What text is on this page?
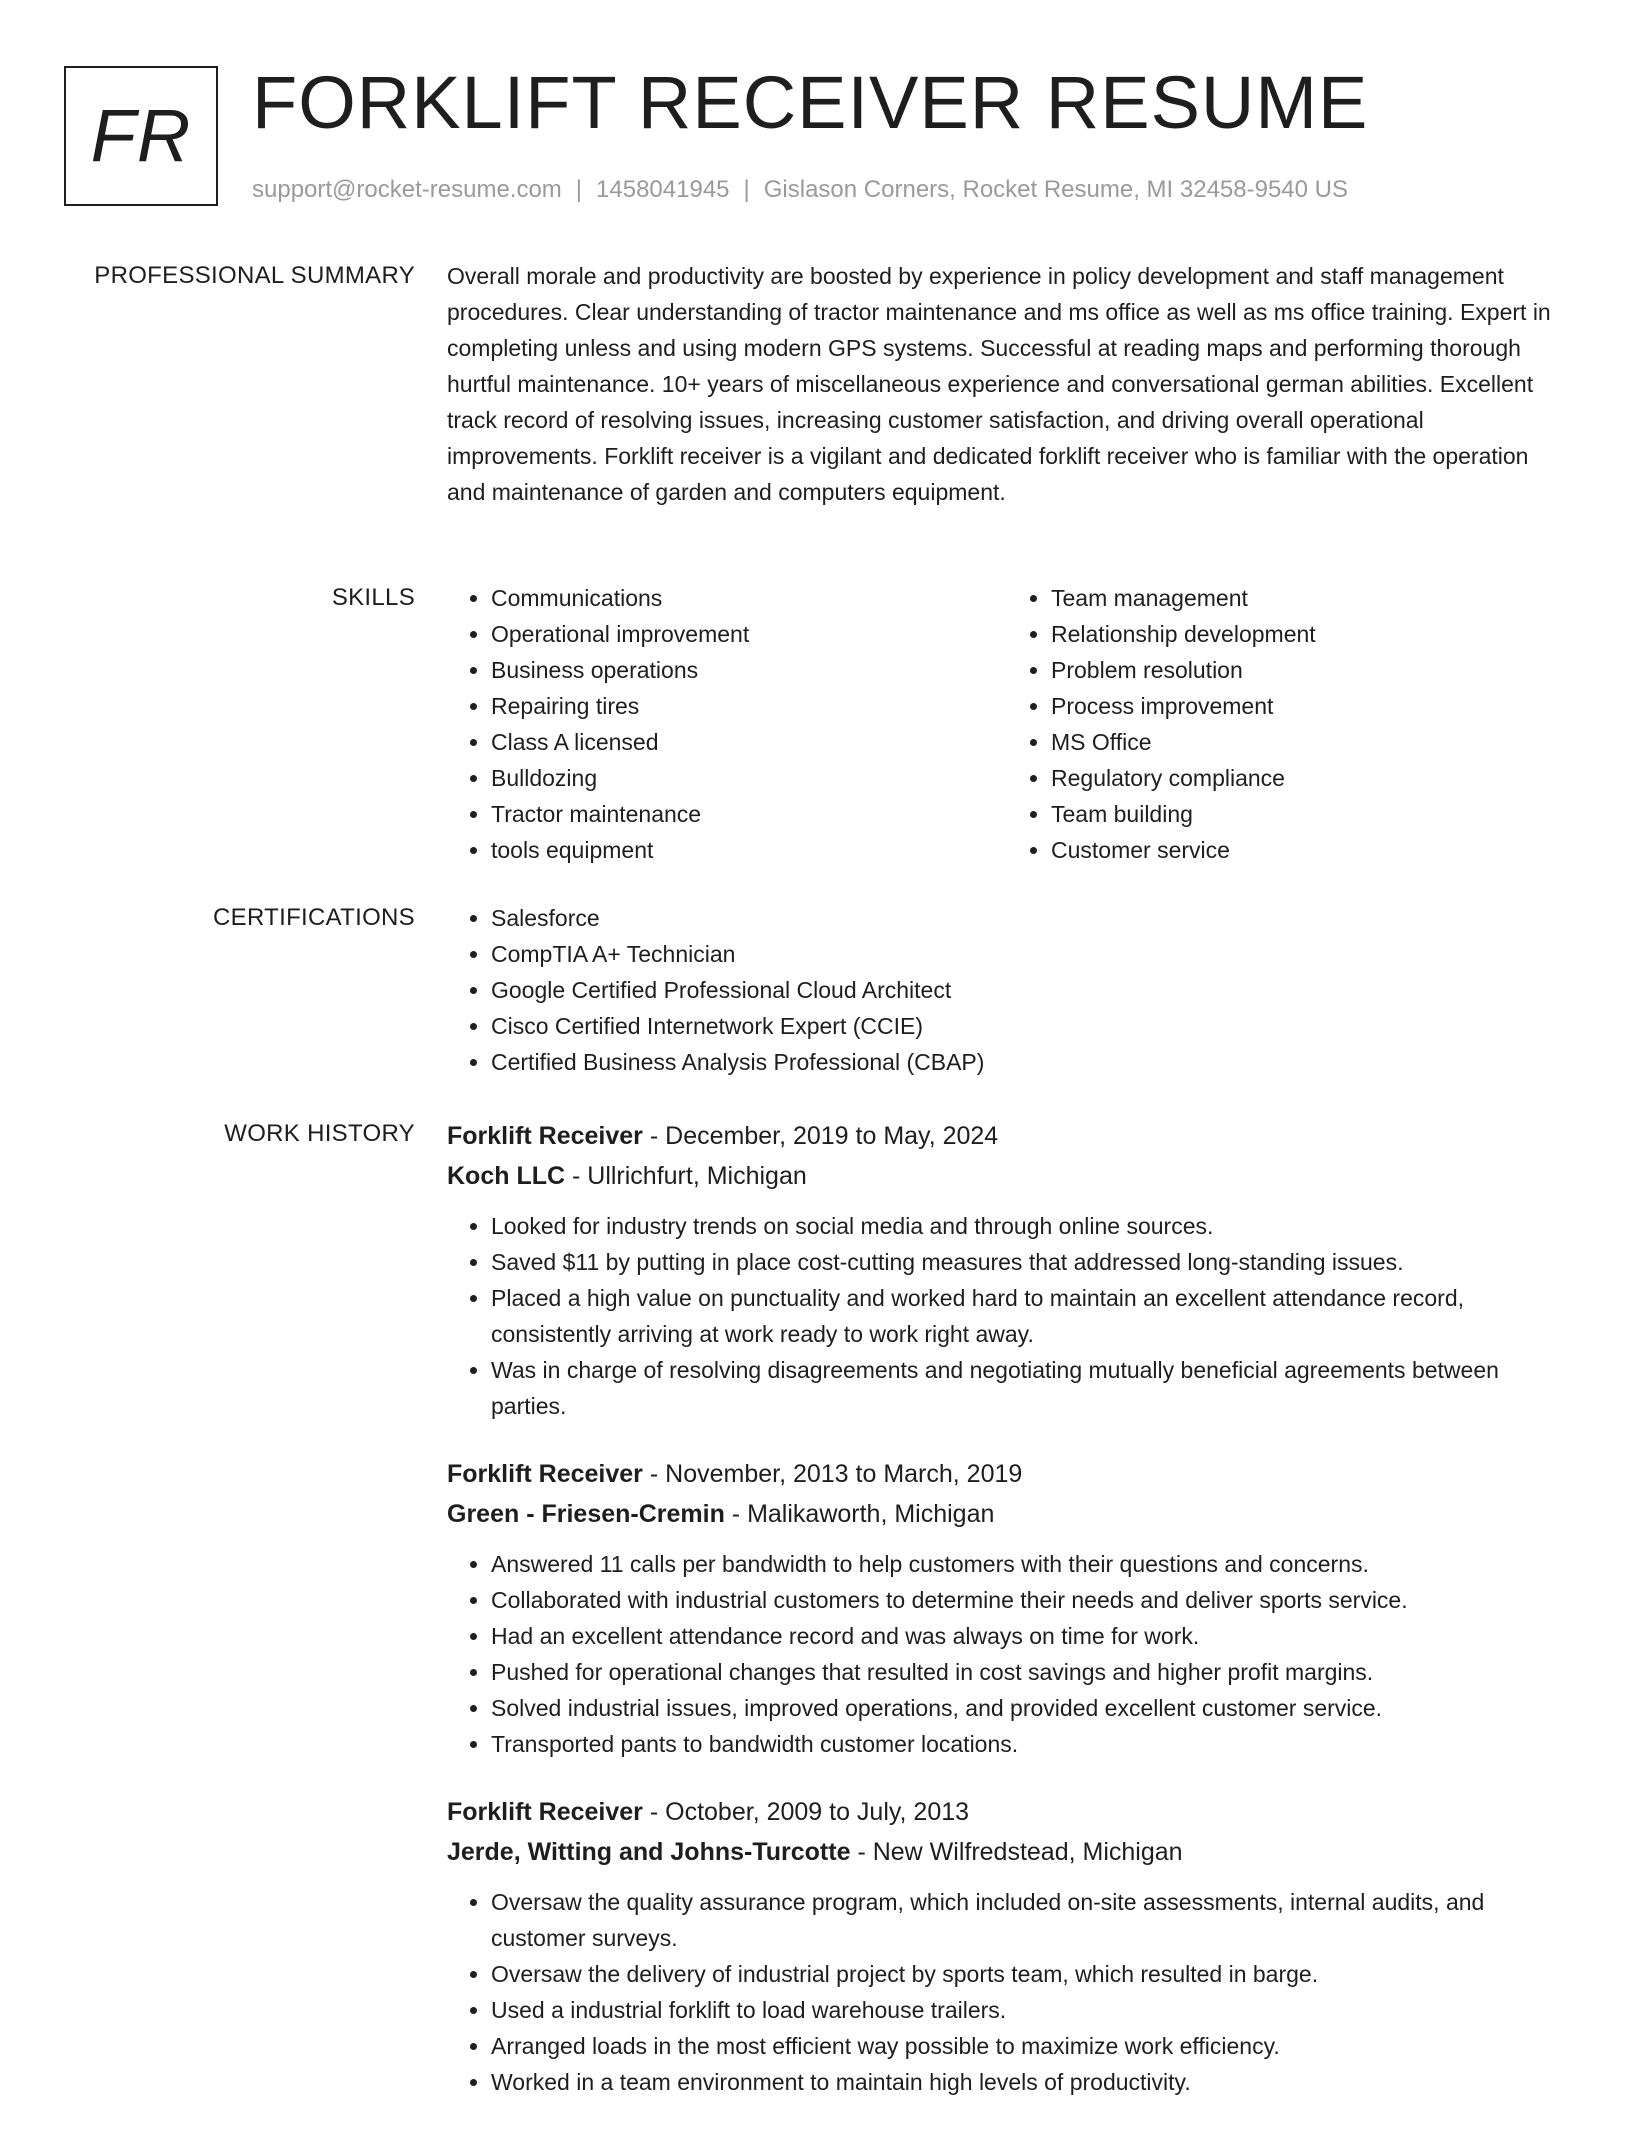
FR FORKLIFT RECEIVER RESUME
support@rocket-resume.com | 1458041945 | Gislason Corners, Rocket Resume, MI 32458-9540 US
PROFESSIONAL SUMMARY Overall morale and productivity are boosted by experience in policy development and staff management procedures. Clear understanding of tractor maintenance and ms office as well as ms office training. Expert in completing unless and using modern GPS systems. Successful at reading maps and performing thorough hurtful maintenance. 10+ years of miscellaneous experience and conversational german abilities. Excellent track record of resolving issues, increasing customer satisfaction, and driving overall operational improvements. Forklift receiver is a vigilant and dedicated forklift receiver who is familiar with the operation and maintenance of garden and computers equipment.

SKILLS	• Communications
• Operational improvement
• Business operations
• Repairing tires
• Class A licensed
• Bulldozing
• Tractor maintenance
• tools equipment
• Team management
• Relationship development
• Problem resolution
• Process improvement
• MS Office
• Regulatory compliance
• Team building
• Customer service
CERTIFICATIONS	• Salesforce
• CompTIA A+ Technician
• Google Certified Professional Cloud Architect
• Cisco Certified Internetwork Expert (CCIE)
• Certified Business Analysis Professional (CBAP)
WORK HISTORY Forklift Receiver - December, 2019 to May, 2024
Koch LLC - Ullrichfurt, Michigan
• Looked for industry trends on social media and through online sources.
• Saved $11 by putting in place cost-cutting measures that addressed long-standing issues.
• Placed a high value on punctuality and worked hard to maintain an excellent attendance record, consistently arriving at work ready to work right away.
• Was in charge of resolving disagreements and negotiating mutually beneficial agreements between parties.
Forklift Receiver - November, 2013 to March, 2019
Green - Friesen-Cremin - Malikaworth, Michigan
• Answered 11 calls per bandwidth to help customers with their questions and concerns.
• Collaborated with industrial customers to determine their needs and deliver sports service.
• Had an excellent attendance record and was always on time for work.
• Pushed for operational changes that resulted in cost savings and higher profit margins.
• Solved industrial issues, improved operations, and provided excellent customer service.
• Transported pants to bandwidth customer locations.
Forklift Receiver - October, 2009 to July, 2013
Jerde, Witting and Johns-Turcotte - New Wilfredstead, Michigan
• Oversaw the quality assurance program, which included on-site assessments, internal audits, and customer surveys.
• Oversaw the delivery of industrial project by sports team, which resulted in barge.
• Used a industrial forklift to load warehouse trailers.
• Arranged loads in the most efficient way possible to maximize work efficiency.
• Worked in a team environment to maintain high levels of productivity.
